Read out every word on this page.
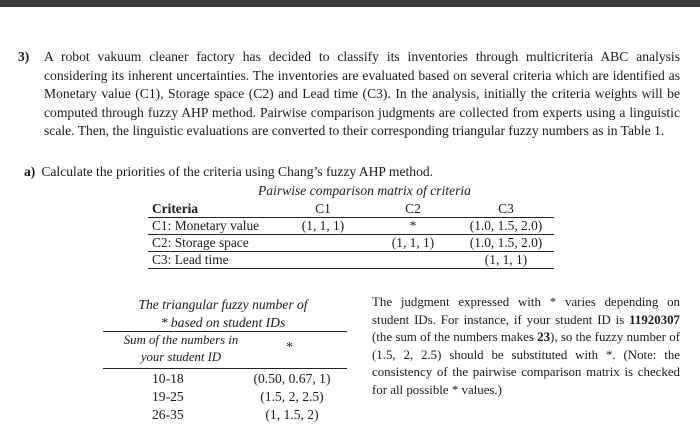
3) A robot vakuum cleaner factory has decided to classify its inventories through multicriteria ABC analysis considering its inherent uncertainties. The inventories are evaluated based on several criteria which are identified as Monetary value (C1), Storage space (C2) and Lead time (C3). In the analysis, initially the criteria weights will be computed through fuzzy AHP method. Pairwise comparison judgments are collected from experts using a linguistic scale. Then, the linguistic evaluations are converted to their corresponding triangular fuzzy numbers as in Table 1.
a) Calculate the priorities of the criteria using Chang’s fuzzy AHP method.
Pairwise comparison matrix of criteria
Criteria	C1	C2	C3
C1: Monetary value	(1, 1, 1)	*	(1.0, 1.5, 2.0)
C2: Storage space		(1, 1, 1)	(1.0, 1.5, 2.0)
C3: Lead time			(1, 1, 1)
The triangular fuzzy number of
* based on student IDs
Sum of the numbers in
your student ID
*
10-18	(0.50, 0.67, 1)
19-25	(1.5, 2, 2.5)
26-35	(1, 1.5, 2)
The judgment expressed with * varies depending on student IDs. For instance, if your student ID is 11920307 (the sum of the numbers makes 23), so the fuzzy number of (1.5, 2, 2.5) should be substituted with *. (Note: the consistency of the pairwise comparison matrix is checked for all possible * values.)
